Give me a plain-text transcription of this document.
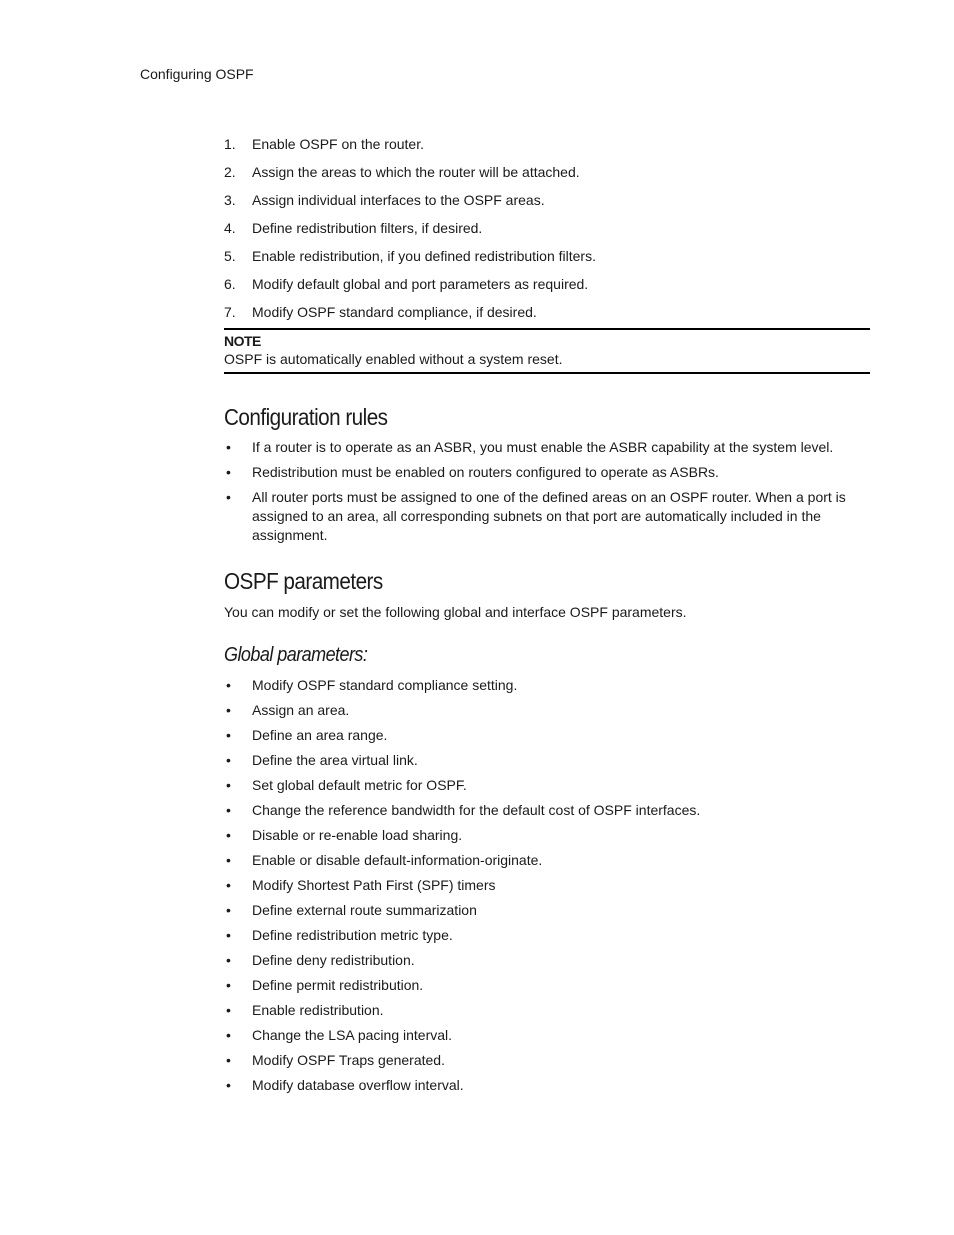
Configuring OSPF
1. Enable OSPF on the router.
2. Assign the areas to which the router will be attached.
3. Assign individual interfaces to the OSPF areas.
4. Define redistribution filters, if desired.
5. Enable redistribution, if you defined redistribution filters.
6. Modify default global and port parameters as required.
7. Modify OSPF standard compliance, if desired.
NOTE
OSPF is automatically enabled without a system reset.
Configuration rules
• If a router is to operate as an ASBR, you must enable the ASBR capability at the system level.
• Redistribution must be enabled on routers configured to operate as ASBRs.
• All router ports must be assigned to one of the defined areas on an OSPF router. When a port is assigned to an area, all corresponding subnets on that port are automatically included in the assignment.
OSPF parameters

You can modify or set the following global and interface OSPF parameters.

Global parameters:
• Modify OSPF standard compliance setting.
• Assign an area.
• Define an area range.
• Define the area virtual link.
• Set global default metric for OSPF.
• Change the reference bandwidth for the default cost of OSPF interfaces.
• Disable or re-enable load sharing.
• Enable or disable default-information-originate.
• Modify Shortest Path First (SPF) timers
• Define external route summarization
• Define redistribution metric type.
• Define deny redistribution.
• Define permit redistribution.
• Enable redistribution.
• Change the LSA pacing interval.
• Modify OSPF Traps generated.
• Modify database overflow interval.
